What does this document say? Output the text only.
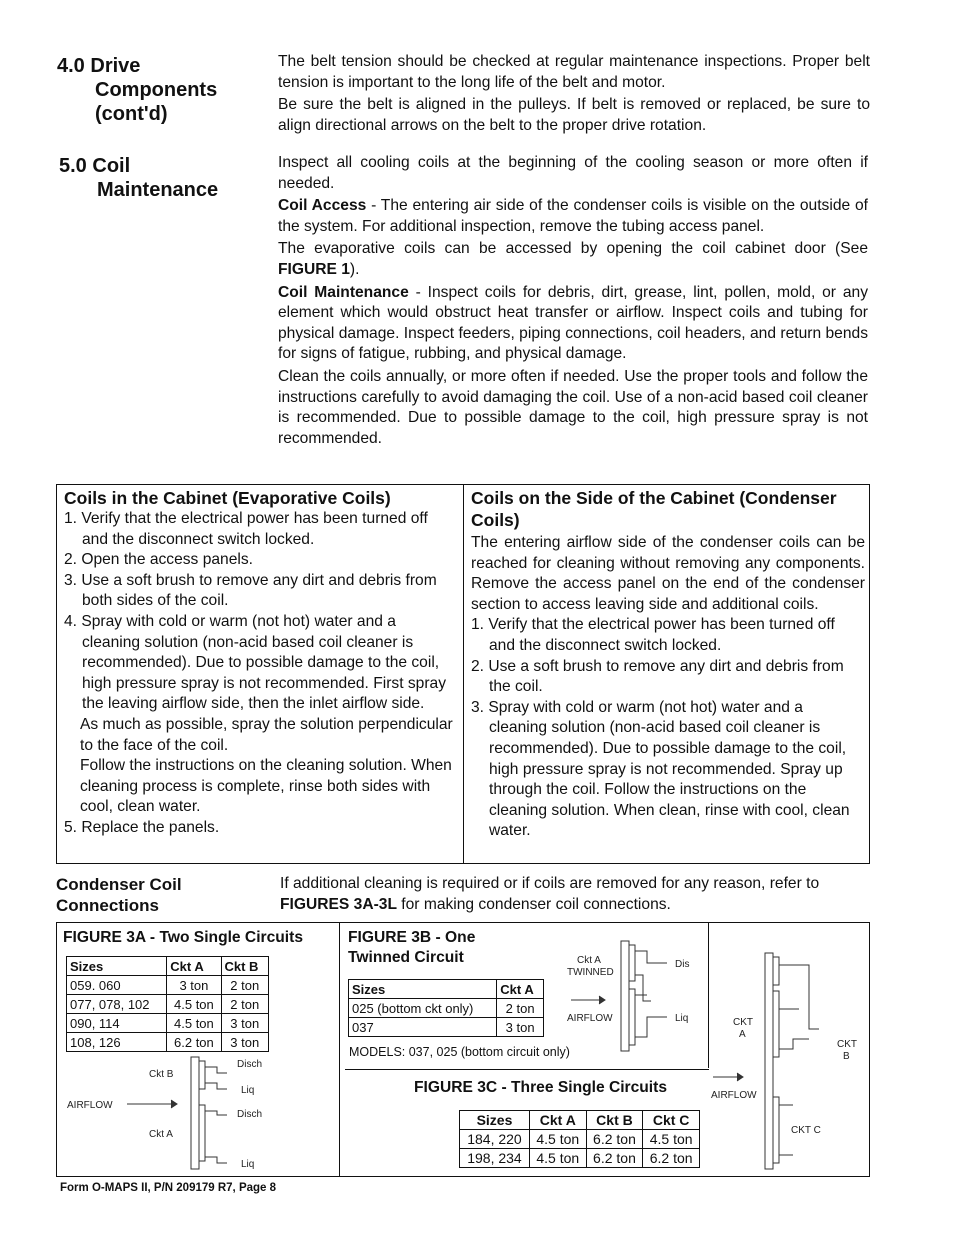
4.0 Drive
Components
(cont'd)

The belt tension should be checked at regular maintenance inspections. Proper belt tension is important to the long life of the belt and motor.

Be sure the belt is aligned in the pulleys. If belt is removed or replaced, be sure to align directional arrows on the belt to the proper drive rotation.

5.0 Coil
Maintenance

Inspect all cooling coils at the beginning of the cooling season or more often if needed.

Coil Access - The entering air side of the condenser coils is visible on the outside of the system. For additional inspection, remove the tubing access panel.

The evaporative coils can be accessed by opening the coil cabinet door (See FIGURE 1).

Coil Maintenance - Inspect coils for debris, dirt, grease, lint, pollen, mold, or any element which would obstruct heat transfer or airflow. Inspect coils and tubing for physical damage. Inspect feeders, piping connections, coil headers, and return bends for signs of fatigue, rubbing, and physical damage.

Clean the coils annually, or more often if needed. Use the proper tools and follow the instructions carefully to avoid damaging the coil. Use of a non-acid based coil cleaner is recommended. Due to possible damage to the coil, high pressure spray is not recommended.

Coils in the Cabinet (Evaporative Coils)
1. Verify that the electrical power has been turned off and the disconnect switch locked.
2. Open the access panels.
3. Use a soft brush to remove any dirt and debris from both sides of the coil.
4. Spray with cold or warm (not hot) water and a cleaning solution (non-acid based coil cleaner is recommended). Due to possible damage to the coil, high pressure spray is not recommended. First spray the leaving airflow side, then the inlet airflow side.
As much as possible, spray the solution perpendicular to the face of the coil.
Follow the instructions on the cleaning solution. When cleaning process is complete, rinse both sides with cool, clean water.
5. Replace the panels.
Coils on the Side of the Cabinet (Condenser Coils)
The entering airflow side of the condenser coils can be reached for cleaning without removing any components. Remove the access panel on the end of the condenser section to access leaving side and additional coils.
1. Verify that the electrical power has been turned off and the disconnect switch locked.
2. Use a soft brush to remove any dirt and debris from the coil.
3. Spray with cold or warm (not hot) water and a cleaning solution (non-acid based coil cleaner is recommended). Due to possible damage to the coil, high pressure spray is not recommended. Spray up through the coil. Follow the instructions on the cleaning solution. When clean, rinse with cool, clean water.
Condenser Coil
Connections
If additional cleaning is required or if coils are removed for any reason, refer to FIGURES 3A-3L for making condenser coil connections.
FIGURE 3A - Two Single Circuits
Sizes	Ckt A	Ckt B
059. 060	3 ton	2 ton
077, 078, 102	4.5 ton	2 ton
090, 114	4.5 ton	3 ton
108, 126	6.2 ton	3 ton
Ckt B
Ckt A
AIRFLOW
Disch
Liq
Disch
Liq
FIGURE 3B - One
Twinned Circuit
Sizes	Ckt A
025 (bottom ckt only)	2 ton
037	3 ton
MODELS: 037, 025 (bottom circuit only)
Ckt A
TWINNED
AIRFLOW
Dis
Liq
FIGURE 3C - Three Single Circuits
Sizes	Ckt A	Ckt B	Ckt C
184, 220	4.5 ton	6.2 ton	4.5 ton
198, 234	4.5 ton	6.2 ton	6.2 ton
CKT
A
CKT
B
CKT C
AIRFLOW
Form O-MAPS II, P/N 209179 R7, Page 8
